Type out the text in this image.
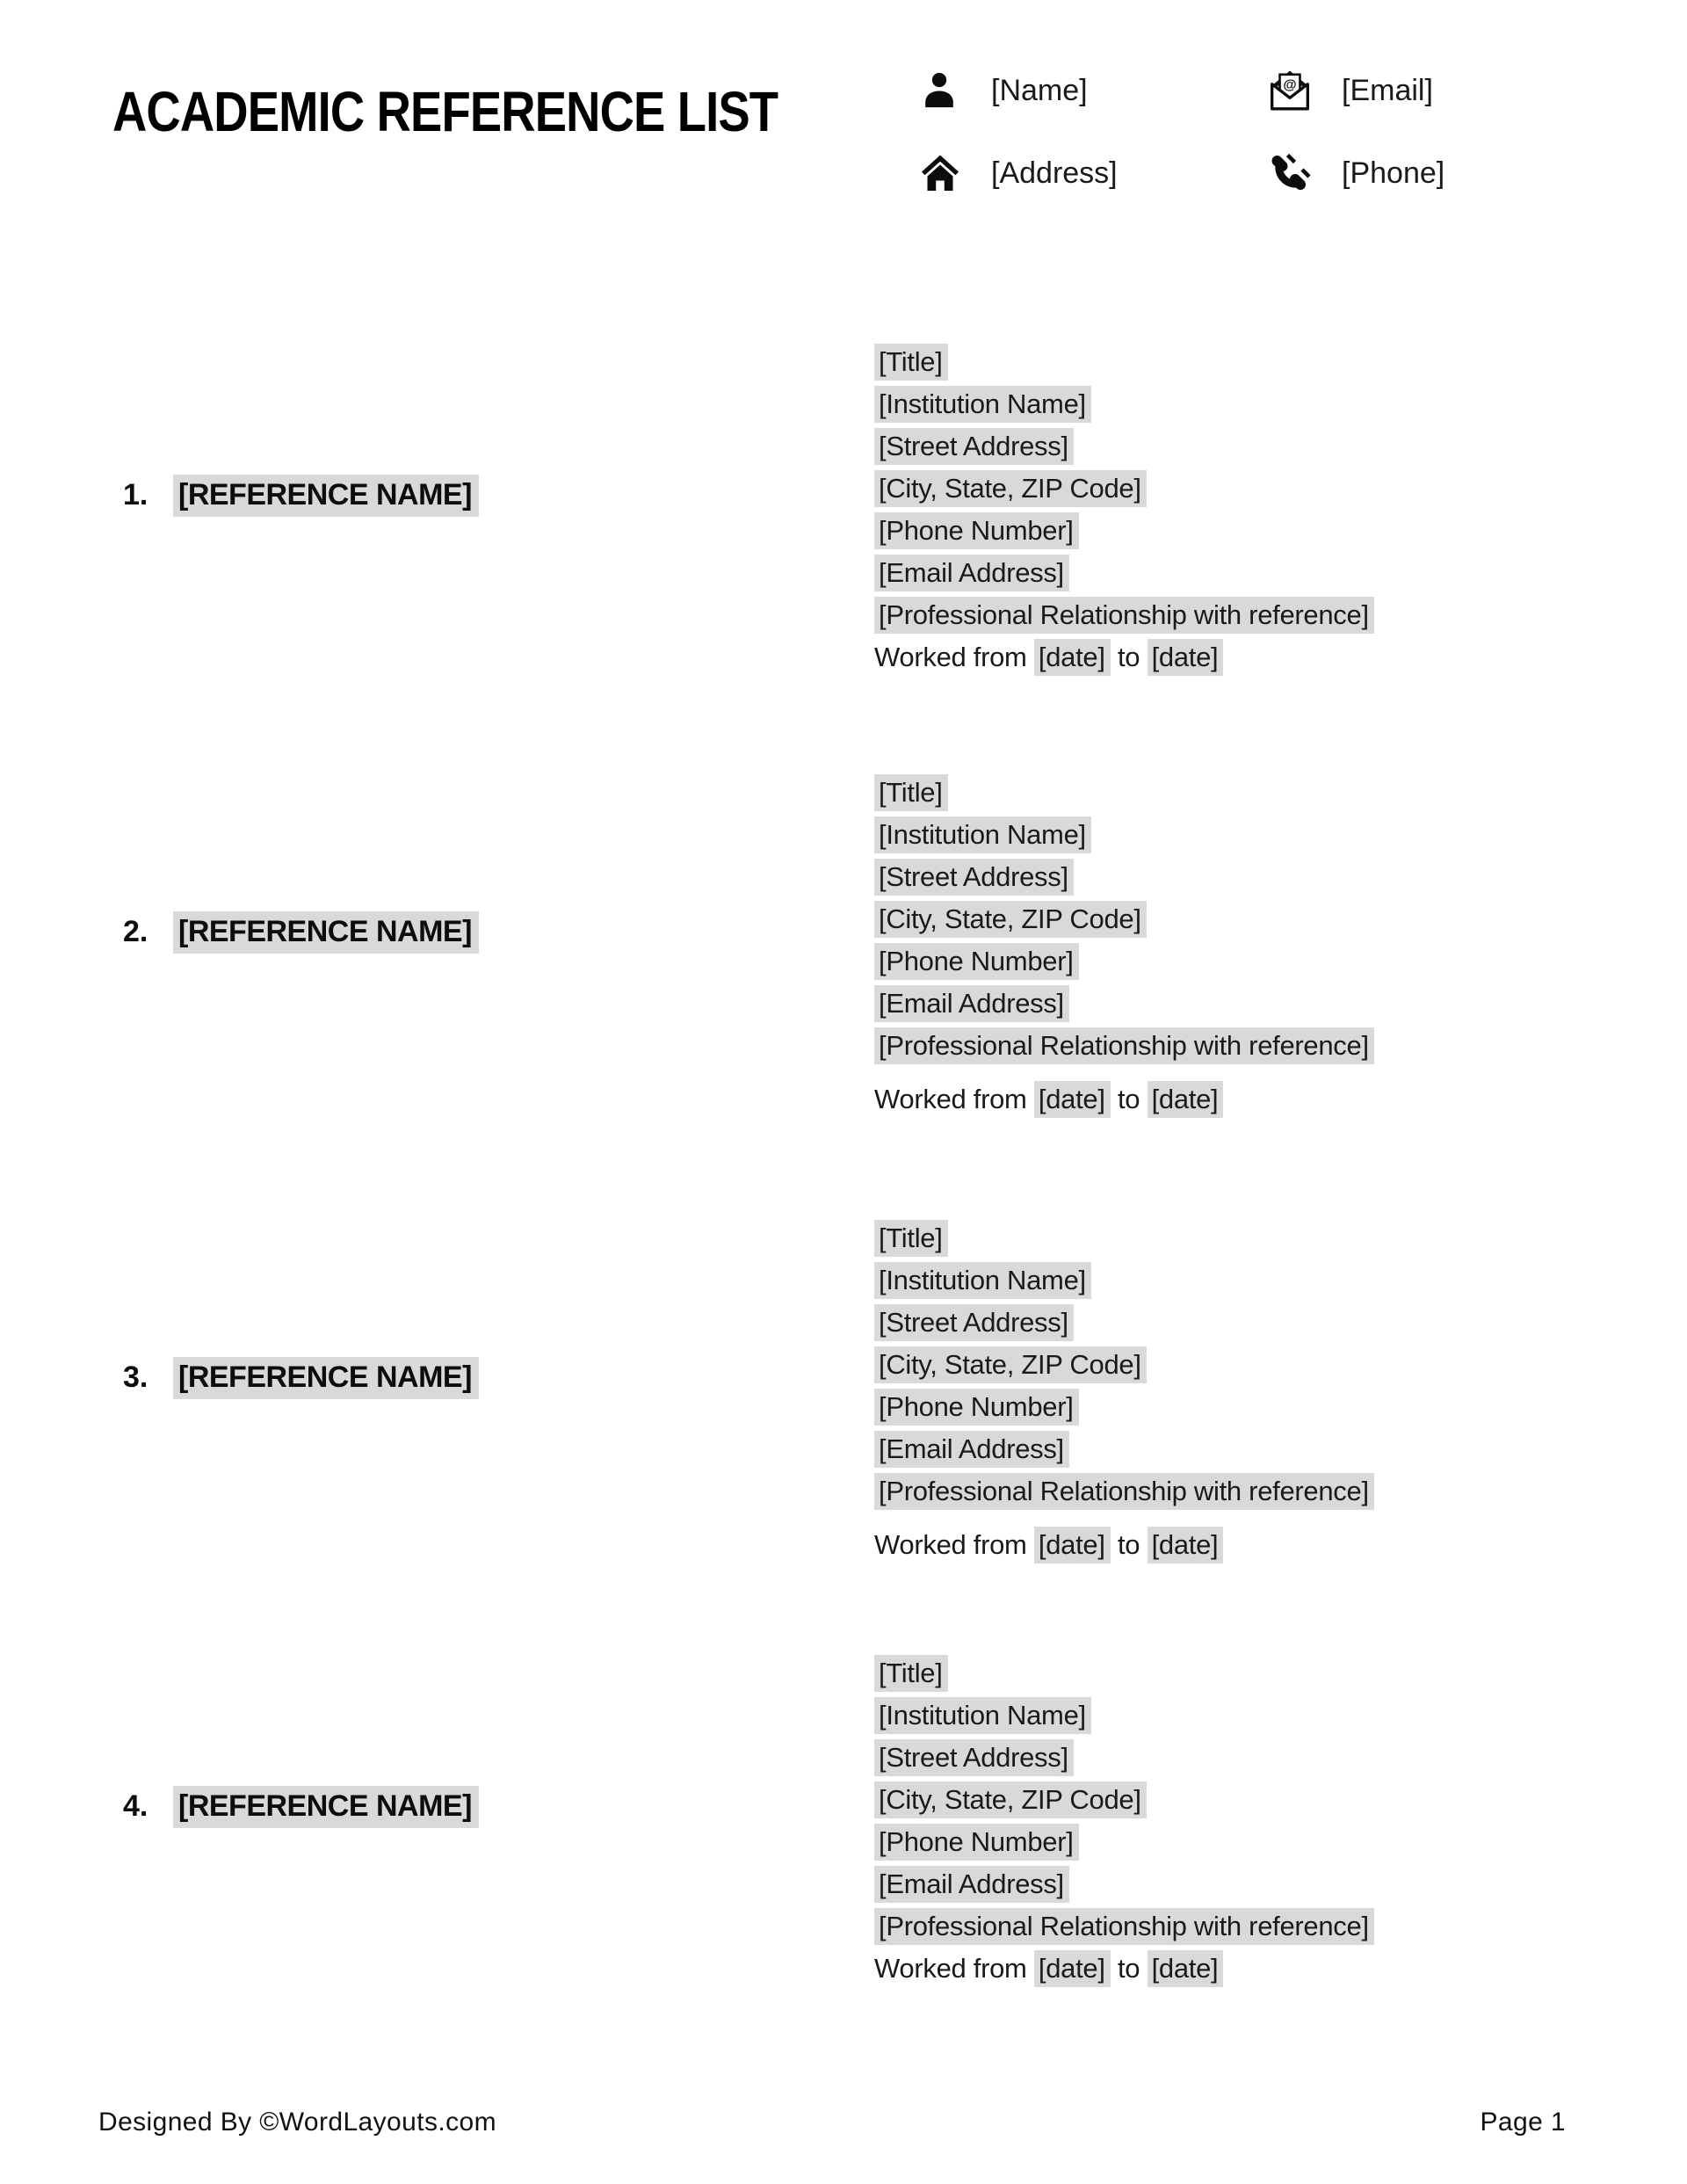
ACADEMIC REFERENCE LIST	[Name]	@ [Email]
[Address]	[Phone]
1.	[REFERENCE NAME]

[Title]

[Institution Name]

[Street Address]

[City, State, ZIP Code]

[Phone Number]

[Email Address]

[Professional Relationship with reference]

Worked from [date] to [date]

2.	[REFERENCE NAME]

[Title]

[Institution Name]

[Street Address]

[City, State, ZIP Code]

[Phone Number]

[Email Address]

[Professional Relationship with reference]

Worked from [date] to [date]

3.	[REFERENCE NAME]

[Title]

[Institution Name]

[Street Address]

[City, State, ZIP Code]

[Phone Number]

[Email Address]

[Professional Relationship with reference]

Worked from [date] to [date]

4.	[REFERENCE NAME]

[Title]

[Institution Name]

[Street Address]

[City, State, ZIP Code]

[Phone Number]

[Email Address]

[Professional Relationship with reference]

Worked from [date] to [date]

Designed By ©WordLayouts.com	Page 1
